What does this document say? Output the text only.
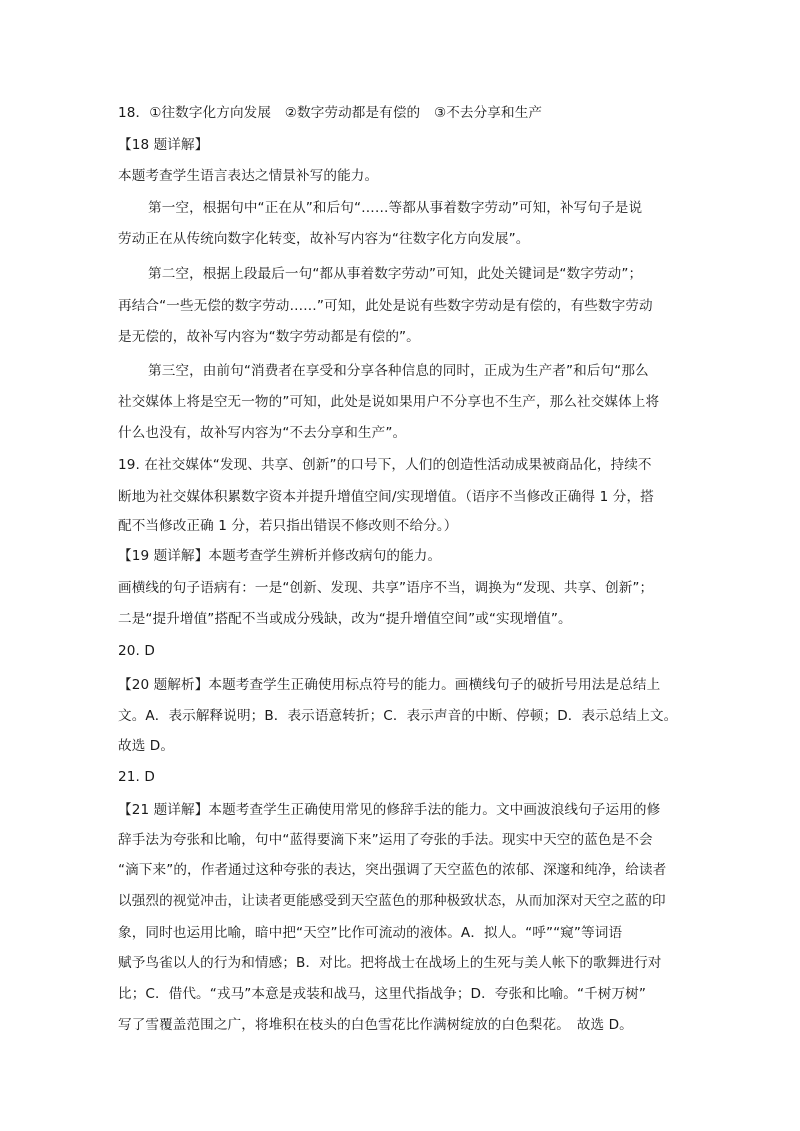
18．①往数字化方向发展　②数字劳动都是有偿的　③不去分享和生产
【18 题详解】
本题考查学生语言表达之情景补写的能力。
第一空，根据句中“正在从”和后句“……等都从事着数字劳动”可知，补写句子是说
劳动正在从传统向数字化转变，故补写内容为“往数字化方向发展”。
第二空，根据上段最后一句“都从事着数字劳动”可知，此处关键词是“数字劳动”；
再结合“一些无偿的数字劳动……”可知，此处是说有些数字劳动是有偿的，有些数字劳动
是无偿的，故补写内容为“数字劳动都是有偿的”。
第三空，由前句“消费者在享受和分享各种信息的同时，正成为生产者”和后句“那么
社交媒体上将是空无一物的”可知，此处是说如果用户不分享也不生产，那么社交媒体上将
什么也没有，故补写内容为“不去分享和生产”。
19. 在社交媒体“发现、共享、创新”的口号下，人们的创造性活动成果被商品化，持续不
断地为社交媒体积累数字资本并提升增值空间/实现增值。（语序不当修改正确得 1 分，搭
配不当修改正确 1 分，若只指出错误不修改则不给分。）
【19 题详解】本题考查学生辨析并修改病句的能力。
画横线的句子语病有：一是“创新、发现、共享”语序不当，调换为“发现、共享、创新”；
二是“提升增值”搭配不当或成分残缺，改为“提升增值空间”或“实现增值”。
20. D
【20 题解析】本题考查学生正确使用标点符号的能力。画横线句子的破折号用法是总结上
文。A．表示解释说明；B．表示语意转折；C．表示声音的中断、停顿；D．表示总结上文。
故选 D。
21. D
【21 题详解】本题考查学生正确使用常见的修辞手法的能力。文中画波浪线句子运用的修
辞手法为夸张和比喻，句中“蓝得要滴下来”运用了夸张的手法。现实中天空的蓝色是不会
“滴下来”的，作者通过这种夸张的表达，突出强调了天空蓝色的浓郁、深邃和纯净，给读者
以强烈的视觉冲击，让读者更能感受到天空蓝色的那种极致状态，从而加深对天空之蓝的印
象，同时也运用比喻，暗中把“天空”比作可流动的液体。A．拟人。“呼”“窥”等词语
赋予鸟雀以人的行为和情感；B．对比。把将战士在战场上的生死与美人帐下的歌舞进行对
比；C．借代。“戎马”本意是戎装和战马，这里代指战争；D．夸张和比喻。“千树万树”
写了雪覆盖范围之广，将堆积在枝头的白色雪花比作满树绽放的白色梨花。　故选 D。
